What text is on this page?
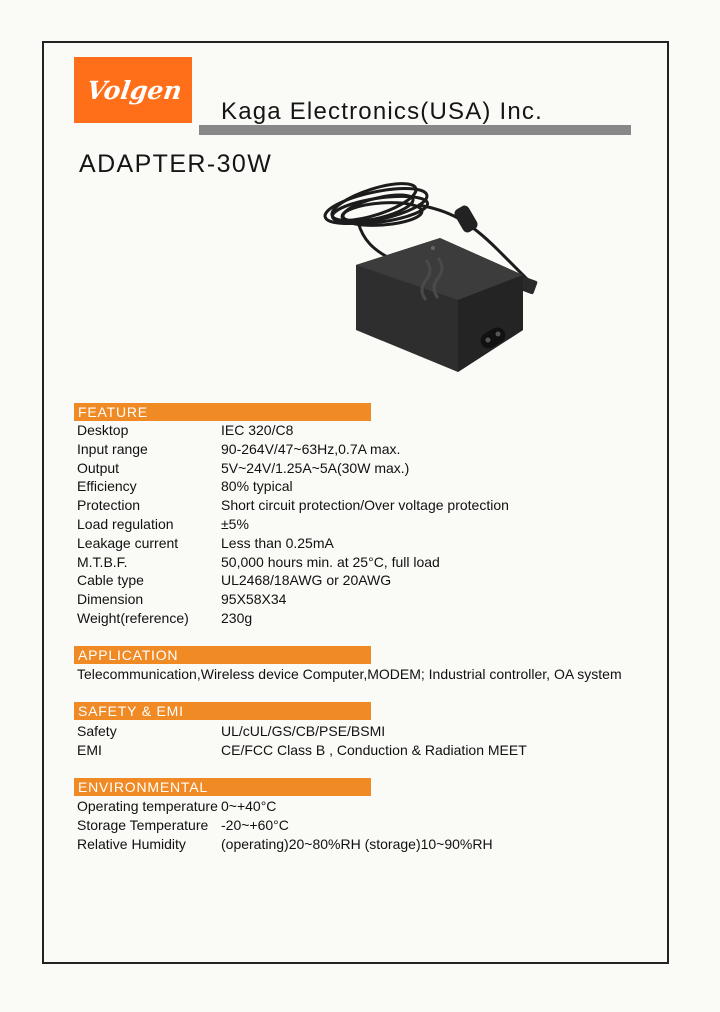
Volgen
Kaga Electronics(USA) Inc.
ADAPTER-30W
FEATURE
Desktop	IEC 320/C8
Input range	90-264V/47~63Hz,0.7A max.
Output	5V~24V/1.25A~5A(30W max.)
Efficiency	80% typical
Protection	Short circuit protection/Over voltage protection
Load regulation	±5%
Leakage current	Less than 0.25mA
M.T.B.F.	50,000 hours min. at 25°C, full load
Cable type	UL2468/18AWG or 20AWG
Dimension	95X58X34
Weight(reference)	230g
APPLICATION
Telecommunication,Wireless device Computer,MODEM; Industrial controller, OA system
SAFETY & EMI
Safety	UL/cUL/GS/CB/PSE/BSMI
EMI	CE/FCC Class B , Conduction & Radiation MEET
ENVIRONMENTAL
Operating temperature 0~+40°C
Storage Temperature -20~+60°C
Relative Humidity	(operating)20~80%RH (storage)10~90%RH
